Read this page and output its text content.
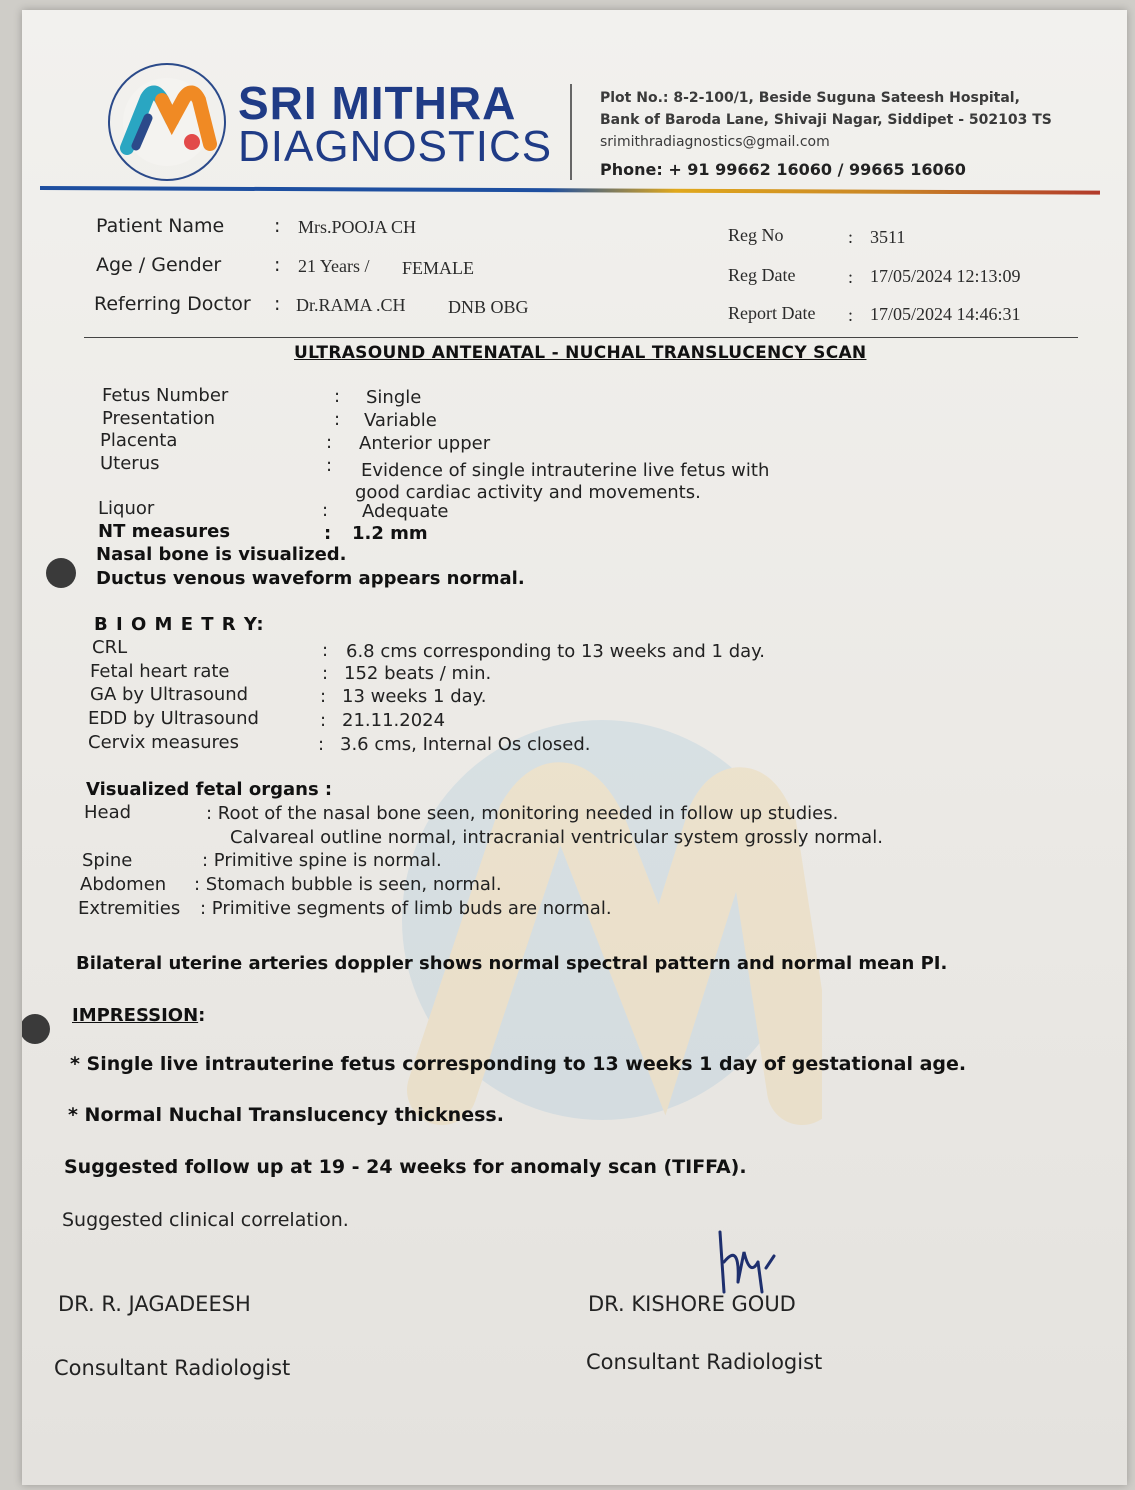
SRI MITHRA
DIAGNOSTICS
Plot No.: 8-2-100/1, Beside Suguna Sateesh Hospital,
Bank of Baroda Lane, Shivaji Nagar, Siddipet - 502103 TS
srimithradiagnostics@gmail.com
Phone: + 91 99662 16060 / 99665 16060
Patient Name	: Mrs.POOJA CH
Age / Gender	: 21 Years / FEMALE
Referring Doctor : Dr.RAMA .CH DNB OBG
Reg No	: 3511
Reg Date	: 17/05/2024 12:13:09
Report Date : 17/05/2024 14:46:31
ULTRASOUND ANTENATAL - NUCHAL TRANSLUCENCY SCAN
Fetus Number	: Single
Presentation	: Variable
Placenta	: Anterior upper
Uterus	: Evidence of single intrauterine live fetus with
good cardiac activity and movements.
Liquor	: Adequate
NT measures	: 1.2 mm
Nasal bone is visualized.
Ductus venous waveform appears normal.
B I O M E T R Y:
CRL	: 6.8 cms corresponding to 13 weeks and 1 day.
Fetal heart rate	: 152 beats / min.
GA by Ultrasound	: 13 weeks 1 day.
EDD by Ultrasound	: 21.11.2024
Cervix measures	: 3.6 cms, Internal Os closed.
Visualized fetal organs :
Head	: Root of the nasal bone seen, monitoring needed in follow up studies.
Calvareal outline normal, intracranial ventricular system grossly normal.
Spine	: Primitive spine is normal.
Abdomen : Stomach bubble is seen, normal.
Extremities : Primitive segments of limb buds are normal.
Bilateral uterine arteries doppler shows normal spectral pattern and normal mean PI.
IMPRESSION:
* Single live intrauterine fetus corresponding to 13 weeks 1 day of gestational age.
* Normal Nuchal Translucency thickness.
Suggested follow up at 19 - 24 weeks for anomaly scan (TIFFA).
Suggested clinical correlation.
DR. R. JAGADEESH
Consultant Radiologist
DR. KISHORE GOUD
Consultant Radiologist
